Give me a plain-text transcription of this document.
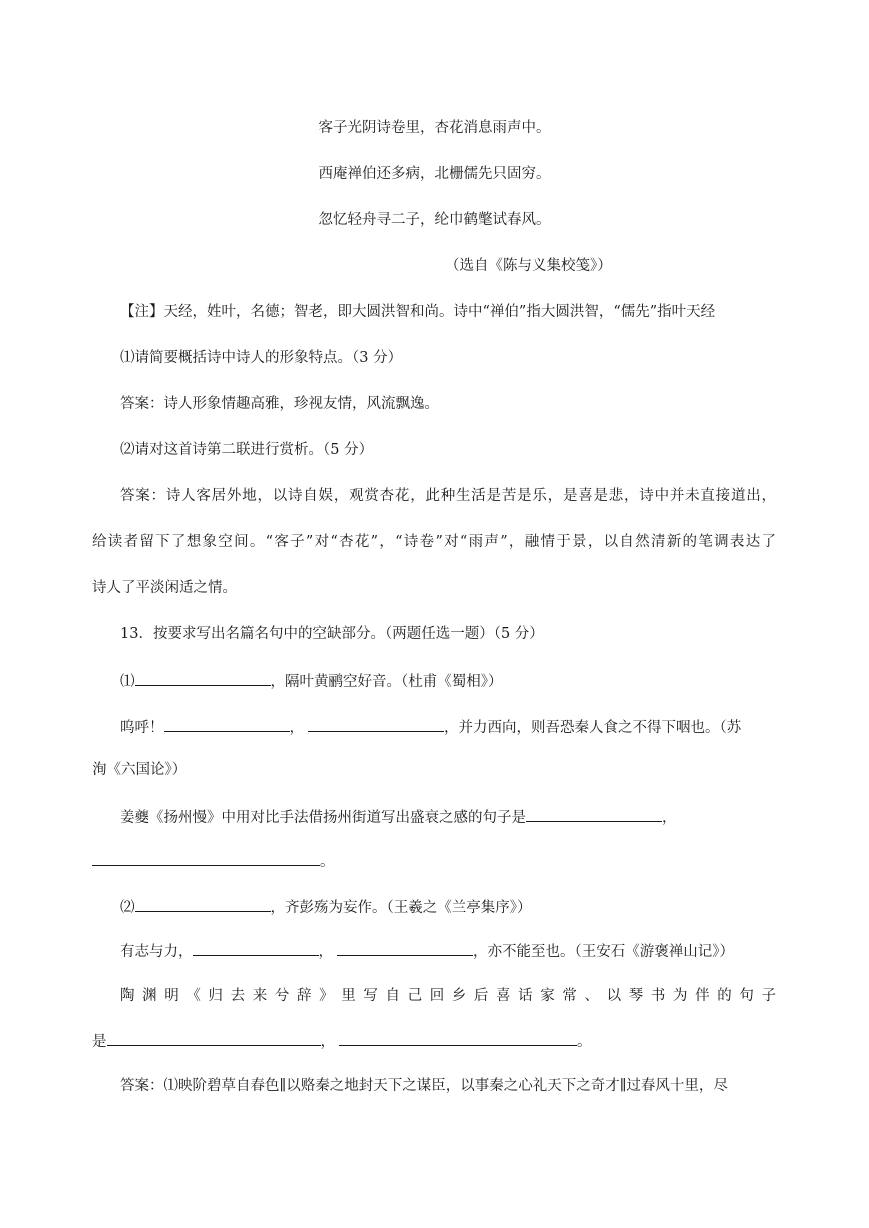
客子光阴诗卷里，杏花消息雨声中。
西庵禅伯还多病，北栅儒先只固穷。
忽忆轻舟寻二子，纶巾鹤氅试春风。
（选自《陈与义集校笺》）
【注】天经，姓叶，名德；智老，即大圆洪智和尚。诗中“禅伯”指大圆洪智，“儒先”指叶天经
⑴请简要概括诗中诗人的形象特点。（3 分）
答案：诗人形象情趣高雅，珍视友情，风流飘逸。
⑵请对这首诗第二联进行赏析。（5 分）
答案：诗人客居外地，以诗自娱，观赏杏花，此种生活是苦是乐，是喜是悲，诗中并未直接道出，
给读者留下了想象空间。“客子”对“杏花”，“诗卷”对“雨声”，融情于景，以自然清新的笔调表达了
诗人了平淡闲适之情。
13．按要求写出名篇名句中的空缺部分。（两题任选一题）（5 分）
⑴	，隔叶黄鹂空好音。（杜甫《蜀相》）
呜呼！	，	，并力西向，则吾恐秦人食之不得下咽也。（苏
洵《六国论》）
姜夔《扬州慢》中用对比手法借扬州街道写出盛衰之感的句子是	，
。
⑵	，齐彭殇为妄作。（王羲之《兰亭集序》）
有志与力，	，	，亦不能至也。（王安石《游褒禅山记》）
陶渊明《归去来兮辞》里写自己回乡后喜话家常、以琴书为伴的句子
是	，	。
答案：⑴映阶碧草自春色∥以赂秦之地封天下之谋臣，以事秦之心礼天下之奇才∥过春风十里，尽
